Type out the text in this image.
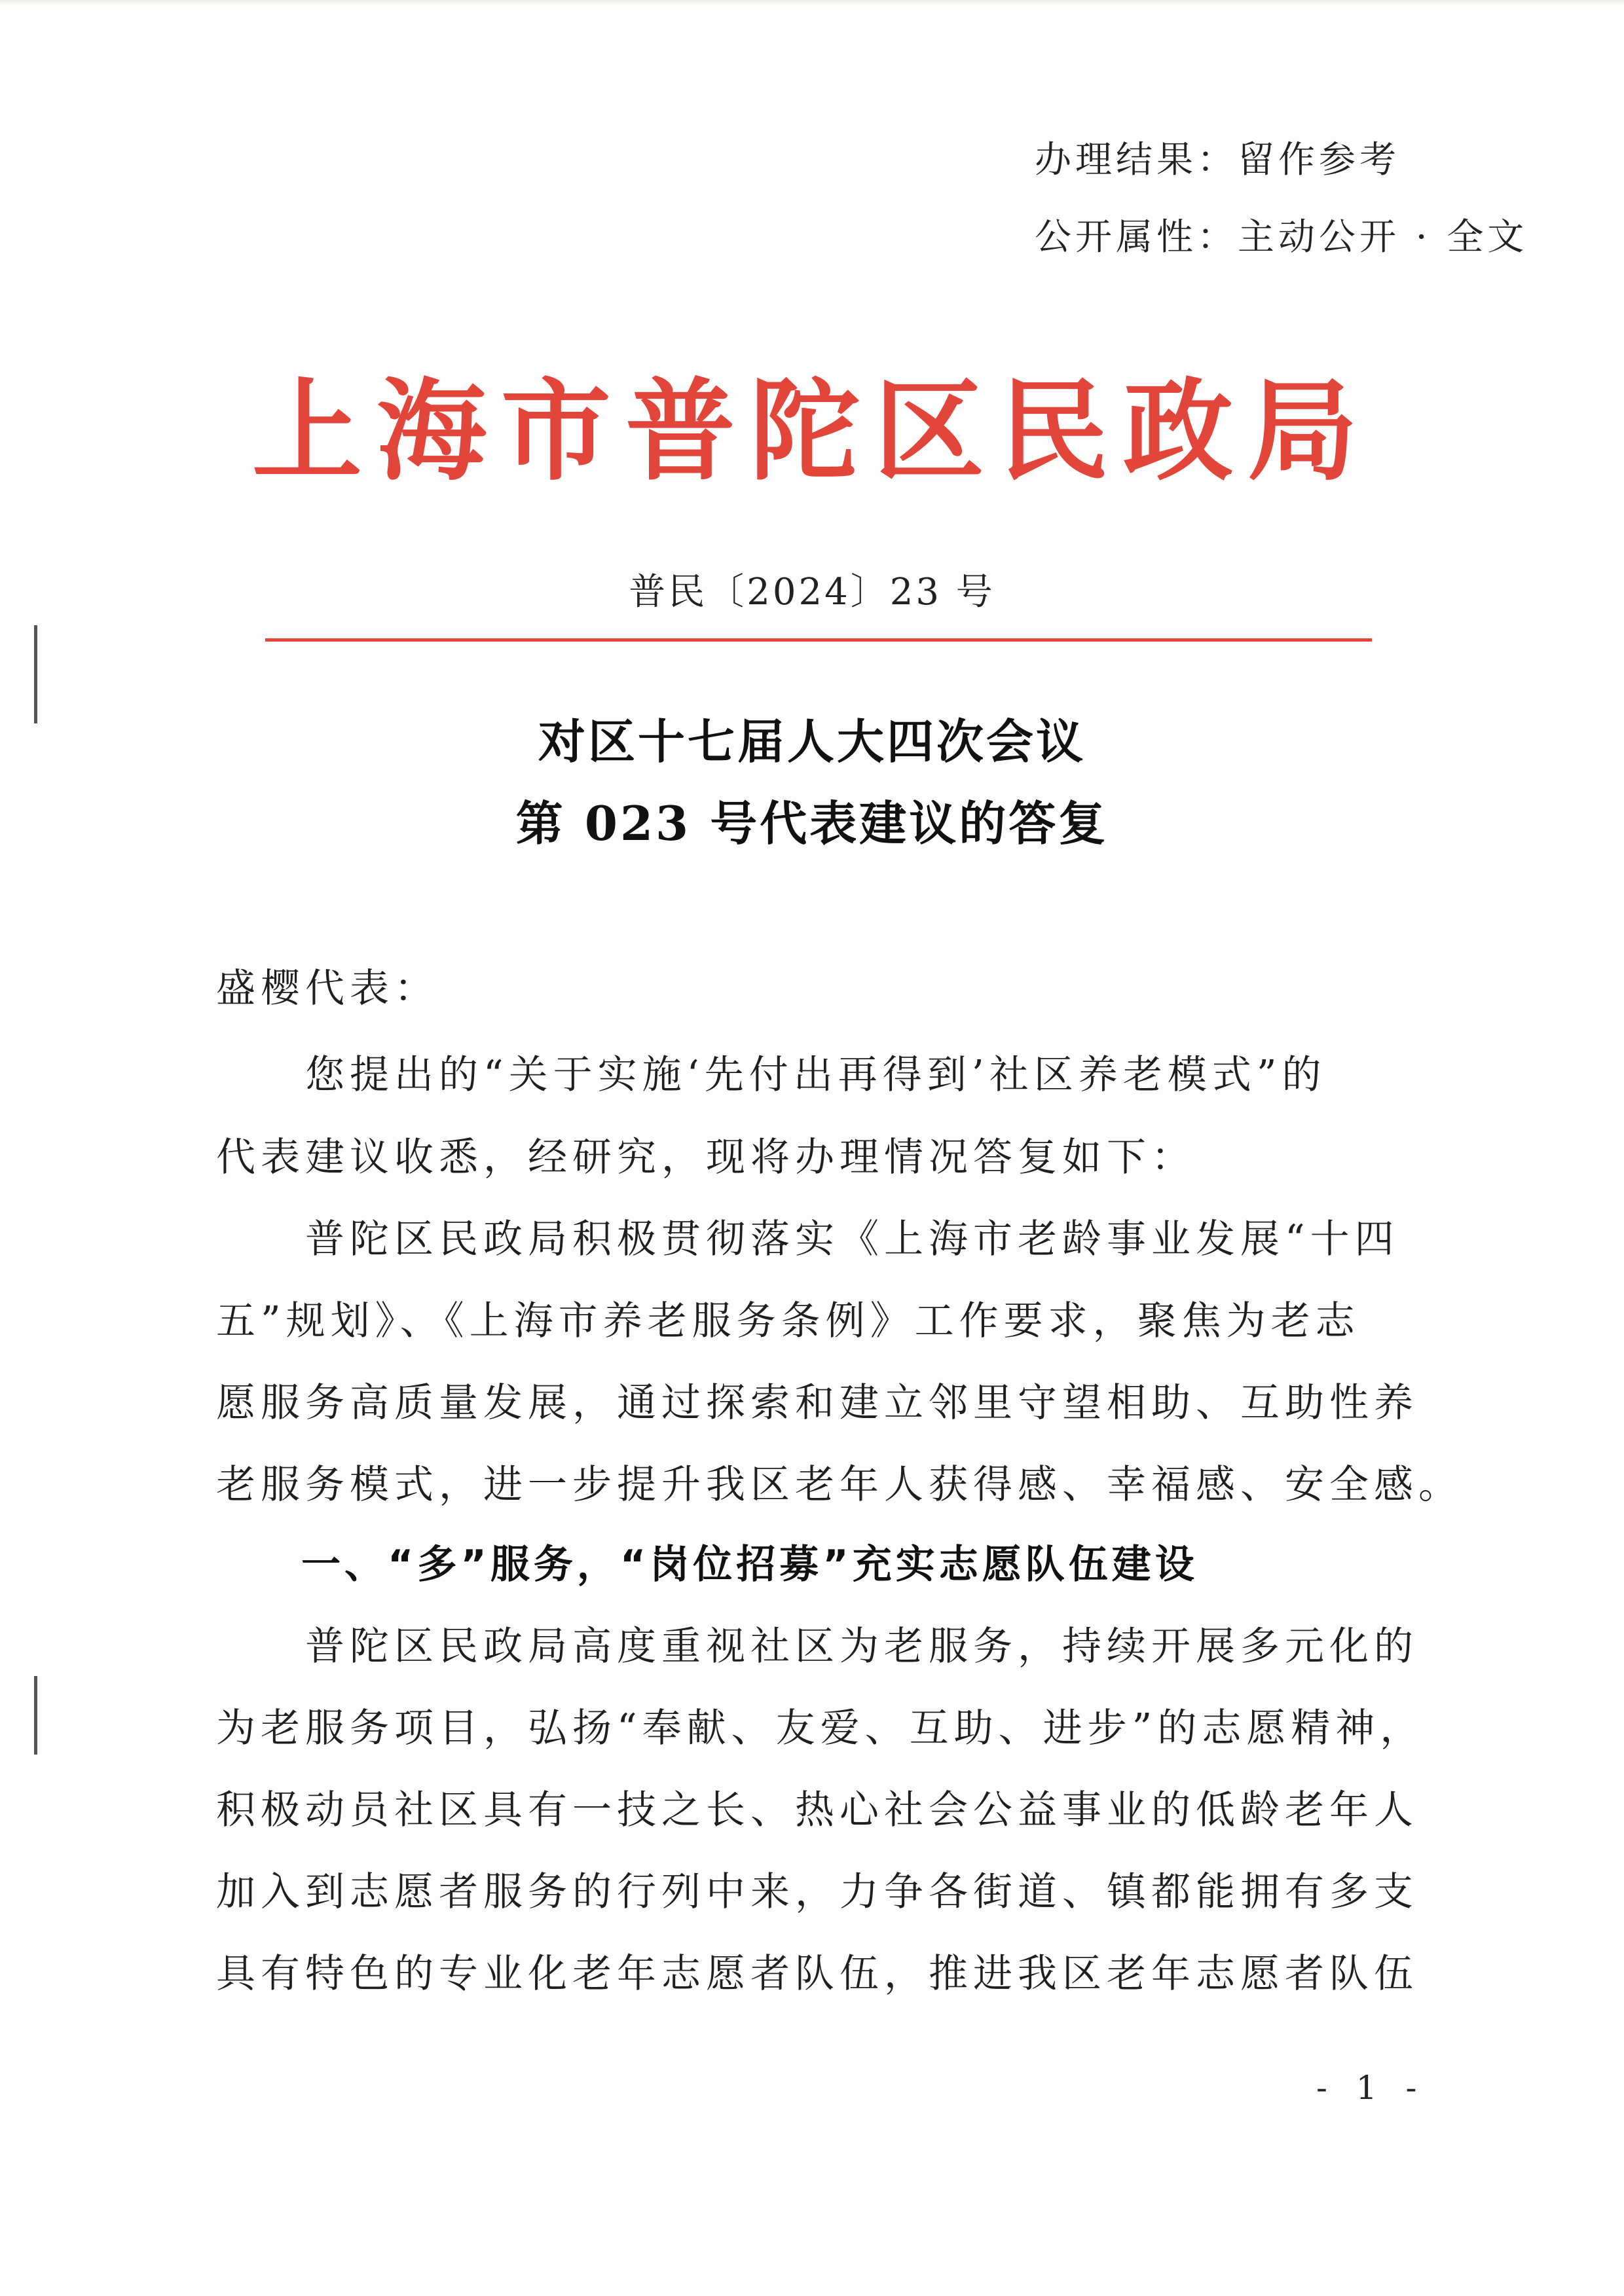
办理结果：留作参考
公开属性：主动公开 · 全文
上海市普陀区民政局
普民〔2024〕23 号
对区十七届人大四次会议
第 023 号代表建议的答复
盛樱代表：
　　您提出的“关于实施‘先付出再得到’社区养老模式”的
代表建议收悉，经研究，现将办理情况答复如下：
　　普陀区民政局积极贯彻落实《上海市老龄事业发展“十四
五”规划》、《上海市养老服务条例》工作要求，聚焦为老志
愿服务高质量发展，通过探索和建立邻里守望相助、互助性养
老服务模式，进一步提升我区老年人获得感、幸福感、安全感。
一、“多”服务，“岗位招募”充实志愿队伍建设
　　普陀区民政局高度重视社区为老服务，持续开展多元化的
为老服务项目，弘扬“奉献、友爱、互助、进步”的志愿精神，
积极动员社区具有一技之长、热心社会公益事业的低龄老年人
加入到志愿者服务的行列中来，力争各街道、镇都能拥有多支
具有特色的专业化老年志愿者队伍，推进我区老年志愿者队伍
- 1 -
